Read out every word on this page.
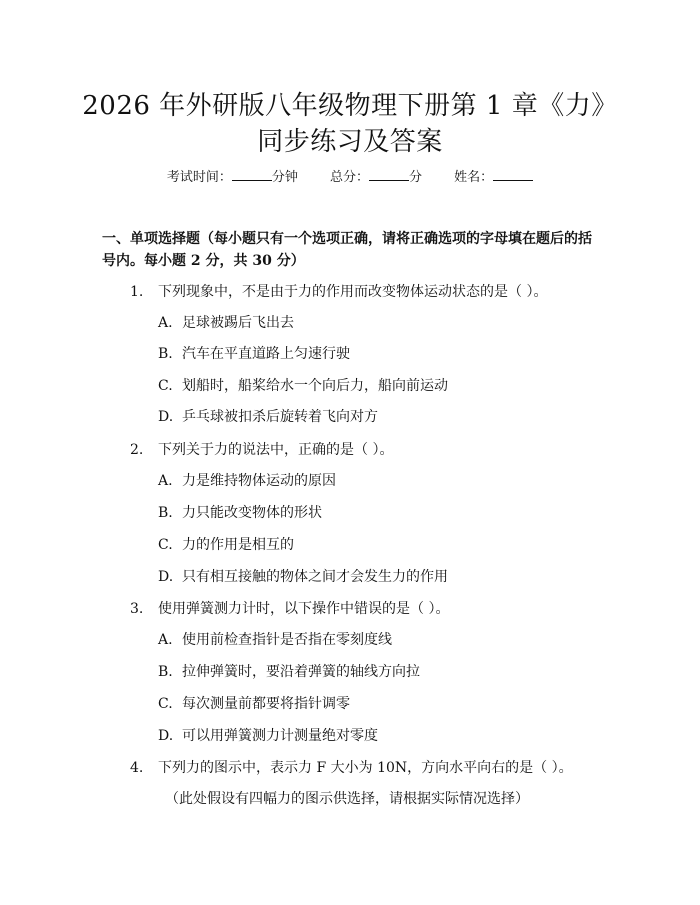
2026 年外研版八年级物理下册第 1 章《力》
同步练习及答案
考试时间：	分钟 总分：	分 姓名：
一、单项选择题（每小题只有一个选项正确，请将正确选项的字母填在题后的括
号内。每小题 2 分，共 30 分）
1. 下列现象中，不是由于力的作用而改变物体运动状态的是（ ）。
A. 足球被踢后飞出去
B. 汽车在平直道路上匀速行驶
C. 划船时，船桨给水一个向后力，船向前运动
D. 乒乓球被扣杀后旋转着飞向对方
2. 下列关于力的说法中，正确的是（ ）。
A. 力是维持物体运动的原因
B. 力只能改变物体的形状
C. 力的作用是相互的
D. 只有相互接触的物体之间才会发生力的作用
3. 使用弹簧测力计时，以下操作中错误的是（ ）。
A. 使用前检查指针是否指在零刻度线
B. 拉伸弹簧时，要沿着弹簧的轴线方向拉
C. 每次测量前都要将指针调零
D. 可以用弹簧测力计测量绝对零度
4. 下列力的图示中，表示力 F 大小为 10N，方向水平向右的是（ ）。
（此处假设有四幅力的图示供选择，请根据实际情况选择）
